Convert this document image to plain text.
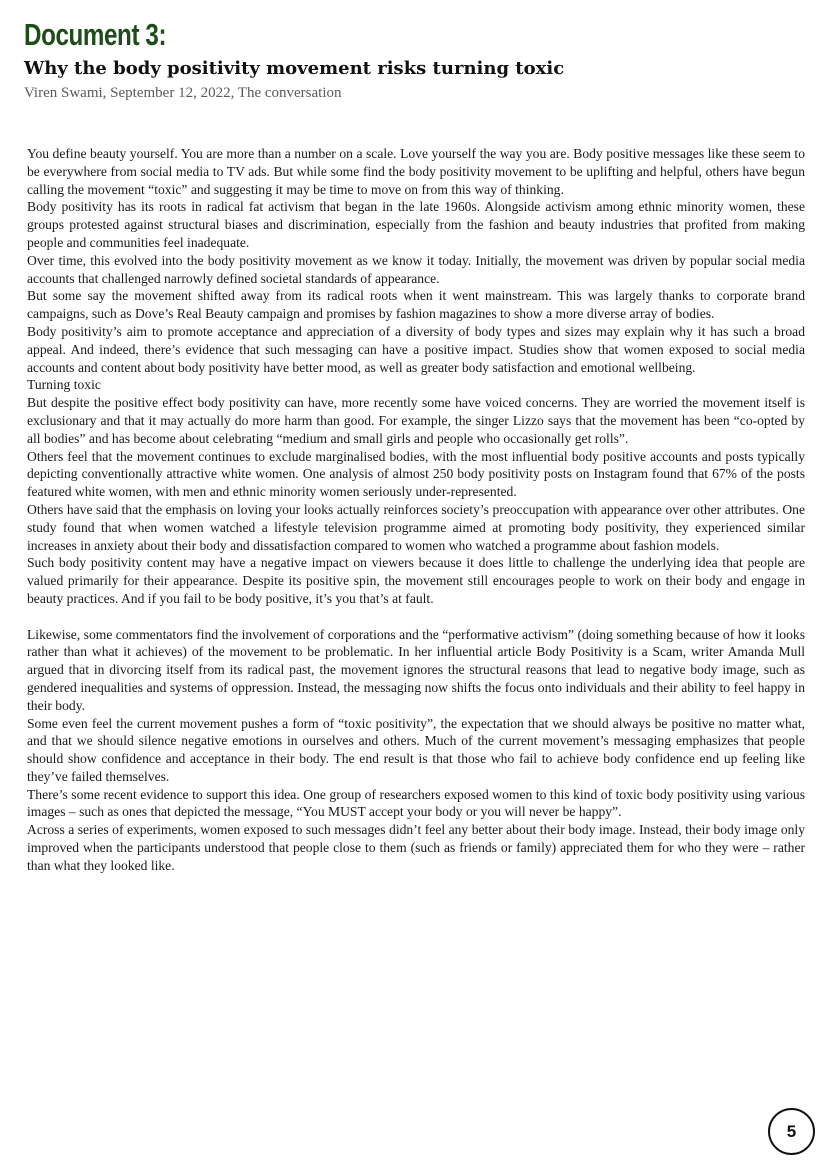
Document 3:
Why the body positivity movement risks turning toxic
Viren Swami, September 12, 2022, The conversation

You define beauty yourself. You are more than a number on a scale. Love yourself the way you are. Body positive messages like these seem to be everywhere from social media to TV ads. But while some find the body positivity movement to be uplifting and helpful, others have begun calling the movement “toxic” and suggesting it may be time to move on from this way of thinking.

Body positivity has its roots in radical fat activism that began in the late 1960s. Alongside activism among ethnic minority women, these groups protested against structural biases and discrimination, especially from the fashion and beauty industries that profited from making people and communities feel inadequate.

Over time, this evolved into the body positivity movement as we know it today. Initially, the movement was driven by popular social media accounts that challenged narrowly defined societal standards of appearance.

But some say the movement shifted away from its radical roots when it went mainstream. This was largely thanks to corporate brand campaigns, such as Dove’s Real Beauty campaign and promises by fashion magazines to show a more diverse array of bodies.

Body positivity’s aim to promote acceptance and appreciation of a diversity of body types and sizes may explain why it has such a broad appeal. And indeed, there’s evidence that such messaging can have a positive impact. Studies show that women exposed to social media accounts and content about body positivity have better mood, as well as greater body satisfaction and emotional wellbeing.

Turning toxic

But despite the positive effect body positivity can have, more recently some have voiced concerns. They are worried the movement itself is exclusionary and that it may actually do more harm than good. For example, the singer Lizzo says that the movement has been “co-opted by all bodies” and has become about celebrating “medium and small girls and people who occasionally get rolls”.

Others feel that the movement continues to exclude marginalised bodies, with the most influential body positive accounts and posts typically depicting conventionally attractive white women. One analysis of almost 250 body positivity posts on Instagram found that 67% of the posts featured white women, with men and ethnic minority women seriously under-represented.

Others have said that the emphasis on loving your looks actually reinforces society’s preoccupation with appearance over other attributes. One study found that when women watched a lifestyle television programme aimed at promoting body positivity, they experienced similar increases in anxiety about their body and dissatisfaction compared to women who watched a programme about fashion models.

Such body positivity content may have a negative impact on viewers because it does little to challenge the underlying idea that people are valued primarily for their appearance. Despite its positive spin, the movement still encourages people to work on their body and engage in beauty practices. And if you fail to be body positive, it’s you that’s at fault.

Likewise, some commentators find the involvement of corporations and the “performative activism” (doing something because of how it looks rather than what it achieves) of the movement to be problematic. In her influential article Body Positivity is a Scam, writer Amanda Mull argued that in divorcing itself from its radical past, the movement ignores the structural reasons that lead to negative body image, such as gendered inequalities and systems of oppression. Instead, the messaging now shifts the focus onto individuals and their ability to feel happy in their body.

Some even feel the current movement pushes a form of “toxic positivity”, the expectation that we should always be positive no matter what, and that we should silence negative emotions in ourselves and others. Much of the current movement’s messaging emphasizes that people should show confidence and acceptance in their body. The end result is that those who fail to achieve body confidence end up feeling like they’ve failed themselves.

There’s some recent evidence to support this idea. One group of researchers exposed women to this kind of toxic body positivity using various images – such as ones that depicted the message, “You MUST accept your body or you will never be happy”.

Across a series of experiments, women exposed to such messages didn’t feel any better about their body image. Instead, their body image only improved when the participants understood that people close to them (such as friends or family) appreciated them for who they were – rather than what they looked like.

5
